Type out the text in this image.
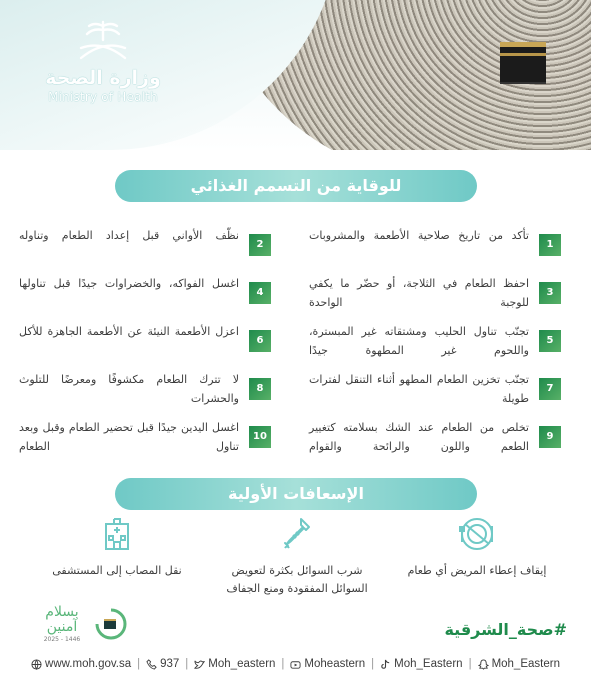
وزارة الصحة
Ministry of Health
للوقاية من التسمم الغذائي
1
تأكد من تاريخ صلاحية الأطعمة والمشروبات
2
نظّف الأواني قبل إعداد الطعام وتناوله
3
احفظ الطعام في الثلاجة، أو حضّر ما يكفي للوجبة الواحدة
4
اغسل الفواكه، والخضراوات جيدًا قبل تناولها
5
تجنّب تناول الحليب ومشتقاته غير المبسترة، واللحوم غير المطهوة جيدًا
6
اعزل الأطعمة النيئة عن الأطعمة الجاهزة للأكل
7
تجنّب تخزين الطعام المطهو أثناء التنقل لفترات طويلة
8
لا تترك الطعام مكشوفًا ومعرضًا للتلوث والحشرات
9
تخلص من الطعام عند الشك بسلامته كتغيير الطعم واللون والرائحة والقوام
10
اغسل اليدين جيدًا قبل تحضير الطعام وقبل وبعد تناول الطعام
الإسعافات الأولية
إيقاف إعطاء المريض أي طعام
شرب السوائل بكثرة لتعويض السوائل المفقودة ومنع الجفاف
نقل المصاب إلى المستشفى
#صحة_الشرقية
بسلام آمنين
2025 - 1446
www.moh.gov.sa | 937 | Moh_eastern | Moheastern | Moh_Eastern | Moh_Eastern
